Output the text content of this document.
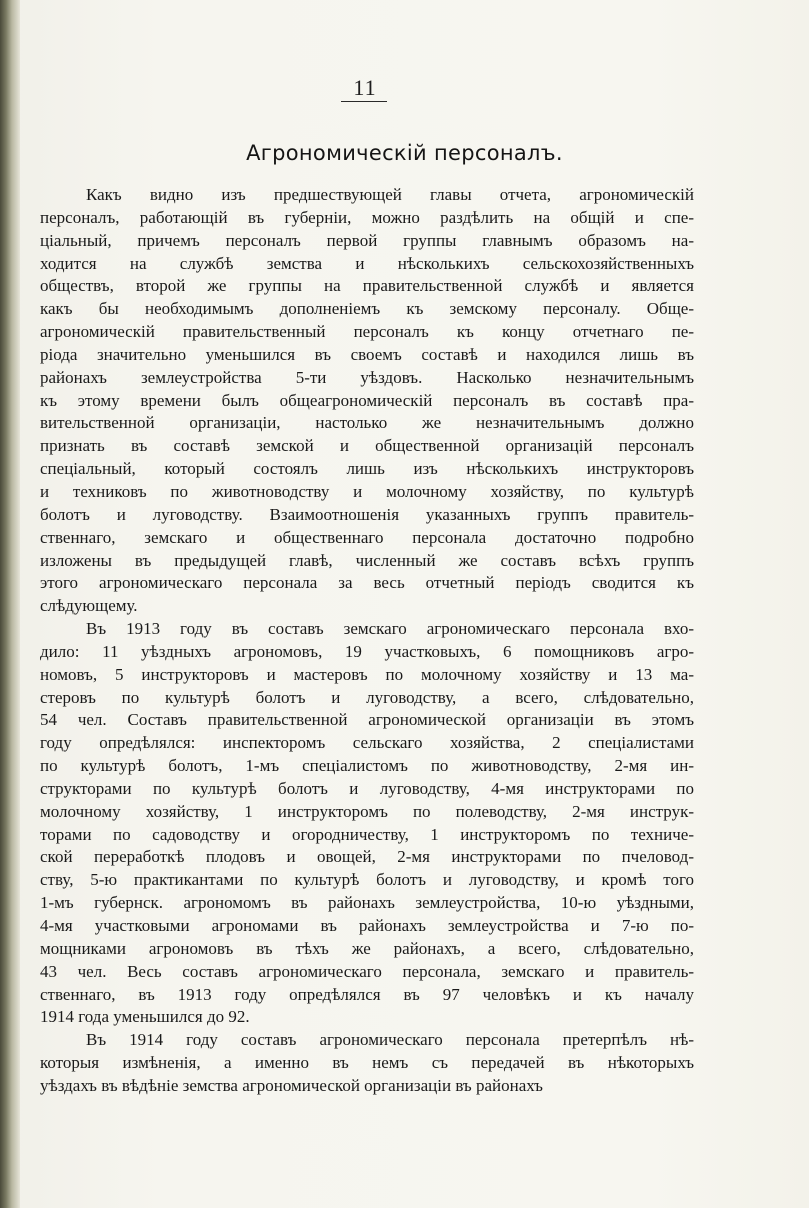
11
Агрономическій персоналъ.

Какъ видно изъ предшествующей главы отчета, агрономическій
персоналъ, работающій въ губерніи, можно раздѣлить на общій и спе-
ціальный, причемъ персоналъ первой группы главнымъ образомъ на-
ходится на службѣ земства и нѣсколькихъ сельскохозяйственныхъ
обществъ, второй же группы на правительственной службѣ и является
какъ бы необходимымъ дополненіемъ къ земскому персоналу. Обще-
агрономическій правительственный персоналъ къ концу отчетнаго пе-
ріода значительно уменьшился въ своемъ составѣ и находился лишь въ
районахъ землеустройства 5-ти уѣздовъ. Насколько незначительнымъ
къ этому времени былъ общеагрономическій персоналъ въ составѣ пра-
вительственной организаціи, настолько же незначительнымъ должно
признать въ составѣ земской и общественной организацій персоналъ
спеціальный, который состоялъ лишь изъ нѣсколькихъ инструкторовъ
и техниковъ по животноводству и молочному хозяйству, по культурѣ
болотъ и луговодству. Взаимоотношенія указанныхъ группъ правитель-
ственнаго, земскаго и общественнаго персонала достаточно подробно
изложены въ предыдущей главѣ, численный же составъ всѣхъ группъ
этого агрономическаго персонала за весь отчетный періодъ сводится къ
слѣдующему.

Въ 1913 году въ составъ земскаго агрономическаго персонала вхо-
дило: 11 уѣздныхъ агрономовъ, 19 участковыхъ, 6 помощниковъ агро-
номовъ, 5 инструкторовъ и мастеровъ по молочному хозяйству и 13 ма-
стеровъ по культурѣ болотъ и луговодству, а всего, слѣдовательно,
54 чел. Составъ правительственной агрономической организаціи въ этомъ
году опредѣлялся: инспекторомъ сельскаго хозяйства, 2 спеціалистами
по культурѣ болотъ, 1-мъ спеціалистомъ по животноводству, 2-мя ин-
структорами по культурѣ болотъ и луговодству, 4-мя инструкторами по
молочному хозяйству, 1 инструкторомъ по полеводству, 2-мя инструк-
торами по садоводству и огородничеству, 1 инструкторомъ по техниче-
ской переработкѣ плодовъ и овощей, 2-мя инструкторами по пчеловод-
ству, 5-ю практикантами по культурѣ болотъ и луговодству, и кромѣ того
1-мъ губернск. агрономомъ въ районахъ землеустройства, 10-ю уѣздными,
4-мя участковыми агрономами въ районахъ землеустройства и 7-ю по-
мощниками агрономовъ въ тѣхъ же районахъ, а всего, слѣдовательно,
43 чел. Весь составъ агрономическаго персонала, земскаго и правитель-
ственнаго, въ 1913 году опредѣлялся въ 97 человѣкъ и къ началу
1914 года уменьшился до 92.

Въ 1914 году составъ агрономическаго персонала претерпѣлъ нѣ-
которыя измѣненія, а именно въ немъ съ передачей въ нѣкоторыхъ
уѣздахъ въ вѣдѣніе земства агрономической организаціи въ районахъ
